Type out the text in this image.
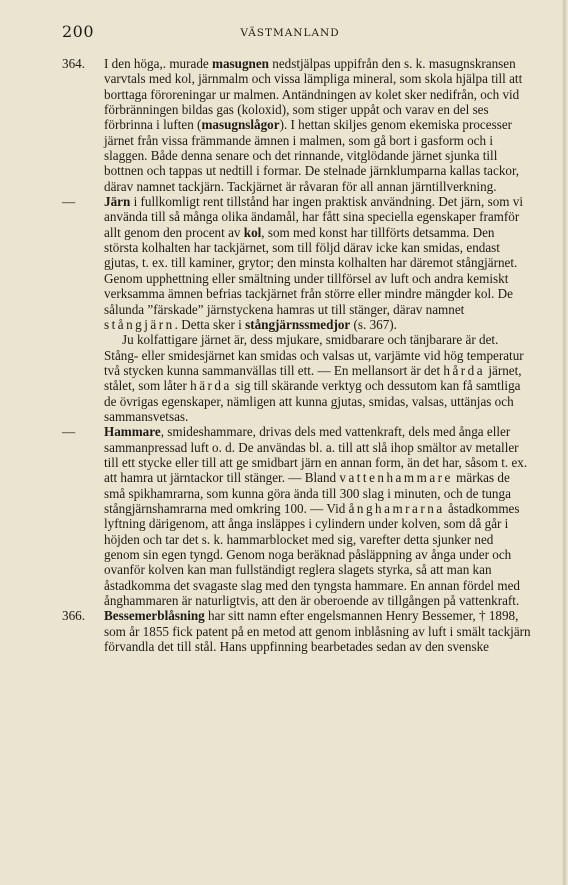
200	VÄSTMANLAND
364.	I den höga,. murade masugnen nedstjälpas uppifrån den s. k. masugnskransen varvtals med kol, järnmalm och vissa lämpliga mineral, som skola hjälpa till att borttaga föroreningar ur malmen. Antändningen av kolet sker nedifrån, och vid förbränningen bildas gas (koloxid), som stiger uppåt och varav en del ses förbrinna i luften (masugnslågor). I hettan skiljes genom ekemiska processer järnet från vissa främmande ämnen i malmen, som gå bort i gasform och i slaggen. Både denna senare och det rinnande, vitglödande järnet sjunka till bottnen och tappas ut nedtill i formar. De stelnade järnklumparna kallas tackor, därav namnet tackjärn. Tackjärnet är råvaran för all annan järntillverkning.
—	Järn i fullkomligt rent tillstånd har ingen praktisk användning. Det järn, som vi använda till så många olika ändamål, har fått sina speciella egenskaper framför allt genom den procent av kol, som med konst har tillförts detsamma. Den största kolhalten har tackjärnet, som till följd därav icke kan smidas, endast gjutas, t. ex. till kaminer, grytor; den minsta kolhalten har däremot stångjärnet. Genom upphettning eller smältning under tillförsel av luft och andra kemiskt verksamma ämnen befrias tackjärnet från större eller mindre mängder kol. De sålunda ”färskade” järnstyckena hamras ut till stänger, därav namnet stångjärn. Detta sker i stångjärnssmedjor (s. 367).
Ju kolfattigare järnet är, dess mjukare, smidbarare och tänjbarare är det. Stång- eller smidesjärnet kan smidas och valsas ut, varjämte vid hög temperatur två stycken kunna sammanvällas till ett. — En mellansort är det hårda järnet, stålet, som låter härda sig till skärande verktyg och dessutom kan få samtliga de övrigas egenskaper, nämligen att kunna gjutas, smidas, valsas, uttänjas och sammansvetsas.
—	Hammare, smideshammare, drivas dels med vattenkraft, dels med ånga eller sammanpressad luft o. d. De användas bl. a. till att slå ihop smältor av metaller till ett stycke eller till att ge smidbart järn en annan form, än det har, såsom t. ex. att hamra ut järntackor till stänger. — Bland vattenhammare märkas de små spikhamrarna, som kunna göra ända till 300 slag i minuten, och de tunga stångjärnshamrarna med omkring 100. — Vid ånghamrarna åstadkommes lyftning därigenom, att ånga insläppes i cylindern under kolven, som då går i höjden och tar det s. k. hammarblocket med sig, varefter detta sjunker ned genom sin egen tyngd. Genom noga beräknad påsläppning av ånga under och ovanför kolven kan man fullständigt reglera slagets styrka, så att man kan åstadkomma det svagaste slag med den tyngsta hammare. En annan fördel med ånghammaren är naturligtvis, att den är oberoende av tillgången på vattenkraft.
366.	Bessemerblåsning har sitt namn efter engelsmannen Henry Bessemer, † 1898, som år 1855 fick patent på en metod att genom inblåsning av luft i smält tackjärn förvandla det till stål. Hans uppfinning bearbetades sedan av den svenske
